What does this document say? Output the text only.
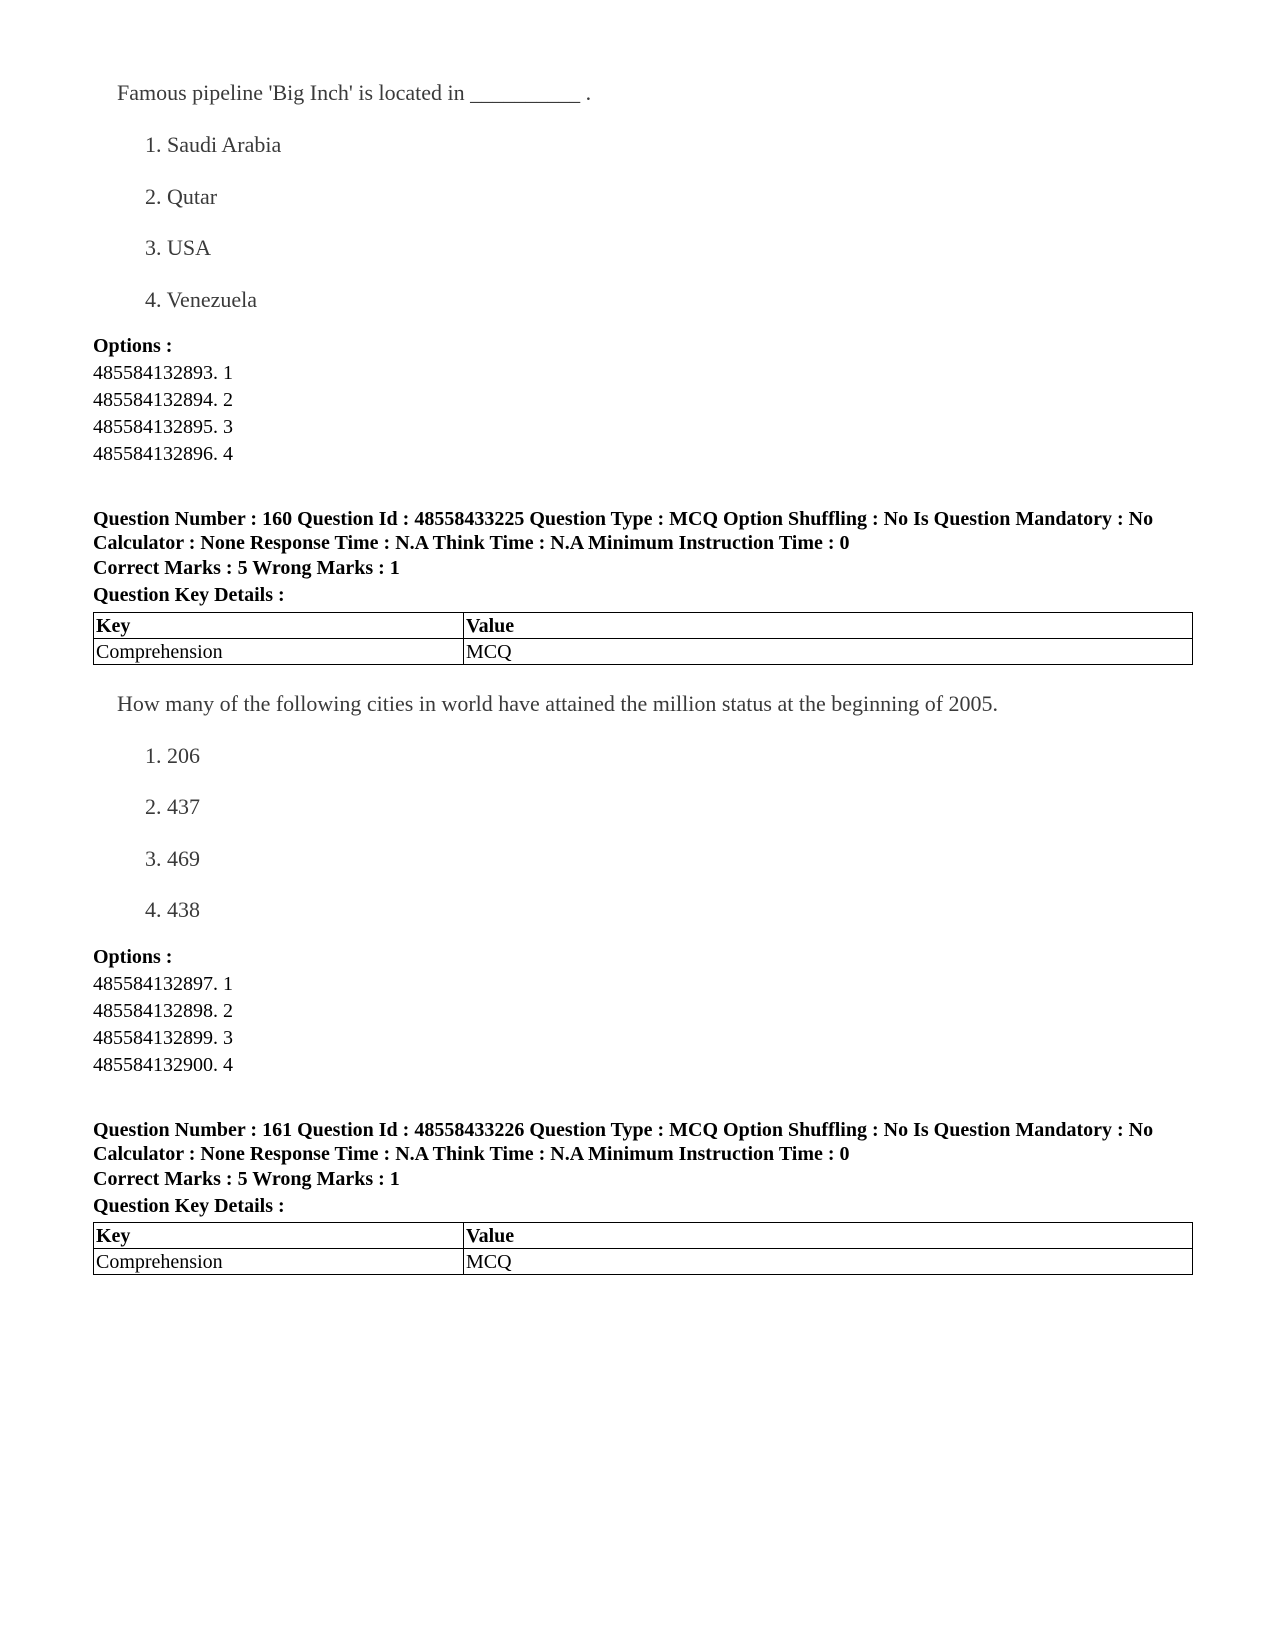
Famous pipeline 'Big Inch' is located in __________ .
1. Saudi Arabia
2. Qutar
3. USA
4. Venezuela
Options :
485584132893. 1
485584132894. 2
485584132895. 3
485584132896. 4
Question Number : 160 Question Id : 48558433225 Question Type : MCQ Option Shuffling : No Is Question Mandatory : No Calculator : None Response Time : N.A Think Time : N.A Minimum Instruction Time : 0
Correct Marks : 5 Wrong Marks : 1
Question Key Details :
Key	Value
Comprehension	MCQ
How many of the following cities in world have attained the million status at the beginning of 2005.
1. 206
2. 437
3. 469
4. 438
Options :
485584132897. 1
485584132898. 2
485584132899. 3
485584132900. 4
Question Number : 161 Question Id : 48558433226 Question Type : MCQ Option Shuffling : No Is Question Mandatory : No Calculator : None Response Time : N.A Think Time : N.A Minimum Instruction Time : 0
Correct Marks : 5 Wrong Marks : 1
Question Key Details :
Key	Value
Comprehension	MCQ
